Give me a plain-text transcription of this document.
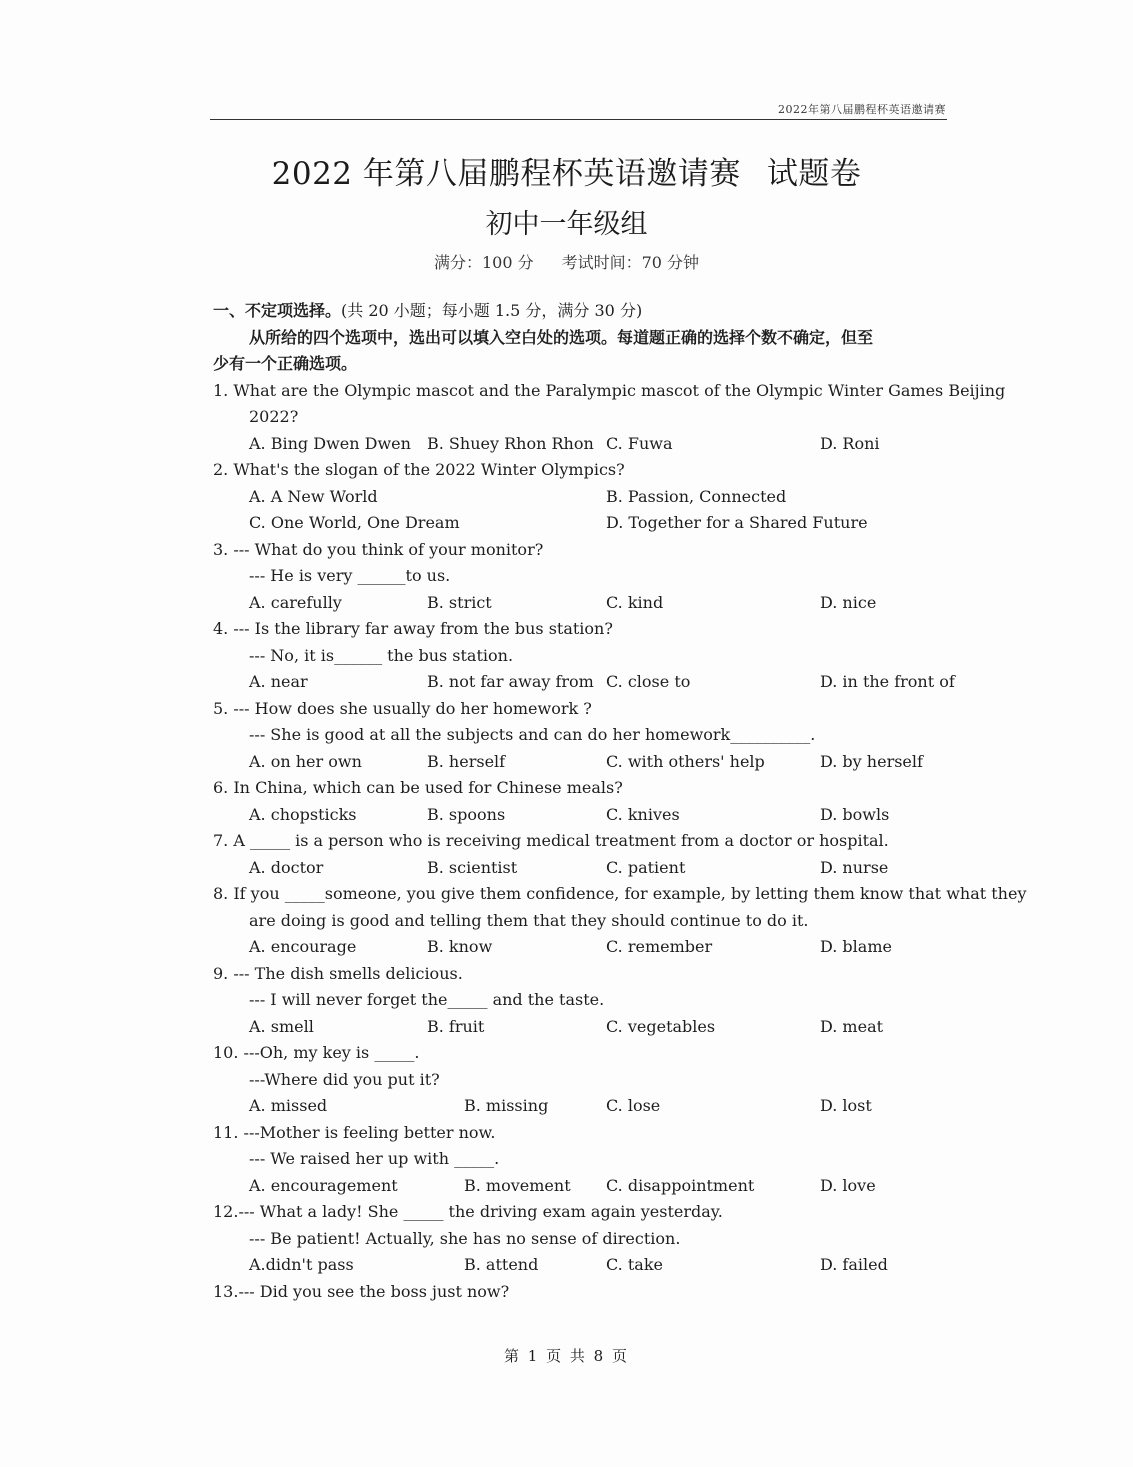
2022年第八届鹏程杯英语邀请赛
2022 年第八届鹏程杯英语邀请赛 试题卷
初中一年级组
满分：100 分 考试时间：70 分钟
一、不定项选择。(共 20 小题；每小题 1.5 分，满分 30 分)
从所给的四个选项中，选出可以填入空白处的选项。每道题正确的选择个数不确定，但至
少有一个正确选项。
1. What are the Olympic mascot and the Paralympic mascot of the Olympic Winter Games Beijing
2022?
A. Bing Dwen Dwen B. Shuey Rhon Rhon C. Fuwa	D. Roni
2. What's the slogan of the 2022 Winter Olympics?
A. A New World	B. Passion, Connected
C. One World, One Dream	D. Together for a Shared Future
3. --- What do you think of your monitor?
--- He is very ______to us.
A. carefully	B. strict	C. kind	D. nice
4. --- Is the library far away from the bus station?
--- No, it is______ the bus station.
A. near	B. not far away from C. close to	D. in the front of
5. --- How does she usually do her homework ?
--- She is good at all the subjects and can do her homework__________.
A. on her own	B. herself	C. with others' help	D. by herself
6. In China, which can be used for Chinese meals?
A. chopsticks	B. spoons	C. knives	D. bowls
7. A _____ is a person who is receiving medical treatment from a doctor or hospital.
A. doctor	B. scientist	C. patient	D. nurse
8. If you _____someone, you give them confidence, for example, by letting them know that what they
are doing is good and telling them that they should continue to do it.
A. encourage	B. know	C. remember	D. blame
9. --- The dish smells delicious.
--- I will never forget the_____ and the taste.
A. smell	B. fruit	C. vegetables	D. meat
10. ---Oh, my key is _____.
---Where did you put it?
A. missed	B. missing	C. lose	D. lost
11. ---Mother is feeling better now.
--- We raised her up with _____.
A. encouragement	B. movement C. disappointment	D. love
12.--- What a lady! She _____ the driving exam again yesterday.
--- Be patient! Actually, she has no sense of direction.
A.didn't pass	B. attend	C. take	D. failed
13.--- Did you see the boss just now?
第 1 页 共 8 页
